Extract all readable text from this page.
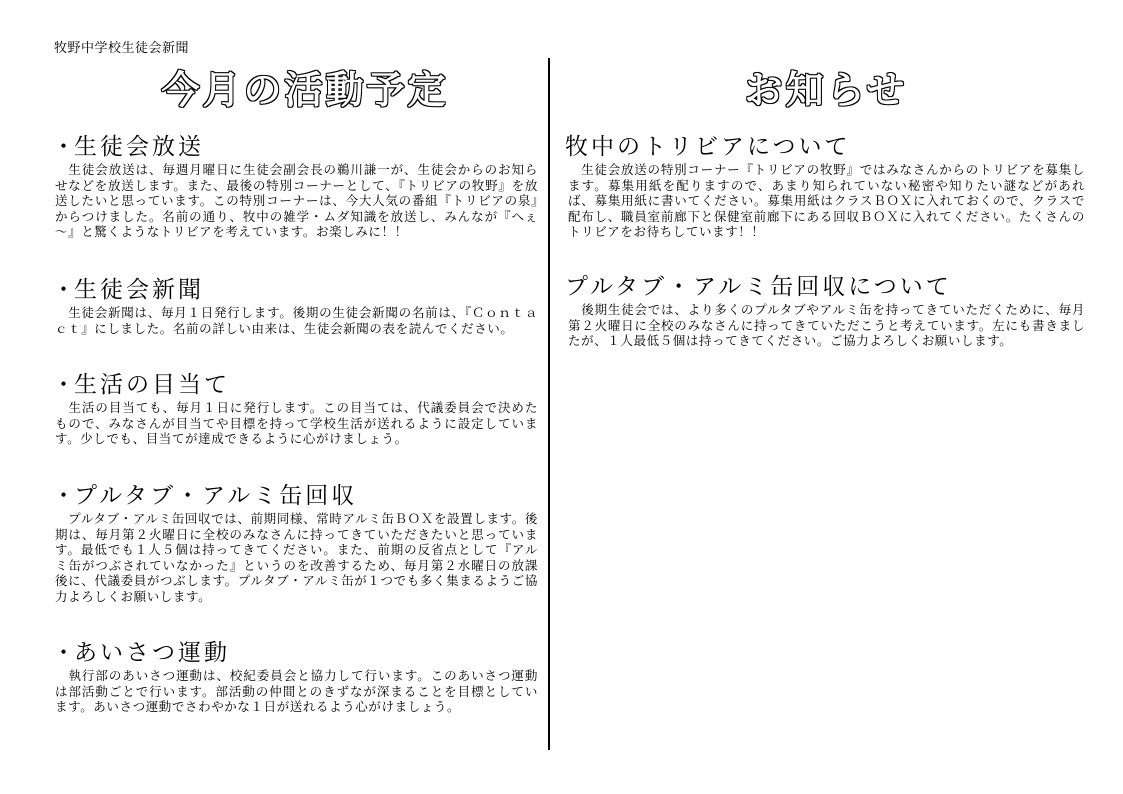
牧野中学校生徒会新聞
今月の活動予定
・生徒会放送
　生徒会放送は、毎週月曜日に生徒会副会長の鵜川謙一が、生徒会からのお知らせなどを放送します。また、最後の特別コーナーとして、『トリビアの牧野』を放送したいと思っています。この特別コーナーは、今大人気の番組『トリビアの泉』からつけました。名前の通り、牧中の雑学・ムダ知識を放送し、みんなが『へぇ～』と驚くようなトリビアを考えています。お楽しみに！！
・生徒会新聞
　生徒会新聞は、毎月１日発行します。後期の生徒会新聞の名前は、『Ｃｏｎｔａｃｔ』にしました。名前の詳しい由来は、生徒会新聞の表を読んでください。
・生活の目当て
　生活の目当ても、毎月１日に発行します。この目当ては、代議委員会で決めたもので、みなさんが目当てや目標を持って学校生活が送れるように設定しています。少しでも、目当てが達成できるように心がけましょう。
・プルタブ・アルミ缶回収
　プルタブ・アルミ缶回収では、前期同様、常時アルミ缶ＢＯＸを設置します。後期は、毎月第２火曜日に全校のみなさんに持ってきていただきたいと思っています。最低でも１人５個は持ってきてください。また、前期の反省点として『アルミ缶がつぶされていなかった』というのを改善するため、毎月第２水曜日の放課後に、代議委員がつぶします。プルタブ・アルミ缶が１つでも多く集まるようご協力よろしくお願いします。
・あいさつ運動
　執行部のあいさつ運動は、校紀委員会と協力して行います。このあいさつ運動は部活動ごとで行います。部活動の仲間とのきずなが深まることを目標としています。あいさつ運動でさわやかな１日が送れるよう心がけましょう。
お知らせ
牧中のトリビアについて
　生徒会放送の特別コーナー『トリビアの牧野』ではみなさんからのトリビアを募集します。募集用紙を配りますので、あまり知られていない秘密や知りたい謎などがあれば、募集用紙に書いてください。募集用紙はクラスＢＯＸに入れておくので、クラスで配布し、職員室前廊下と保健室前廊下にある回収ＢＯＸに入れてください。たくさんのトリビアをお待ちしています！！
プルタブ・アルミ缶回収について
　後期生徒会では、より多くのプルタブやアルミ缶を持ってきていただくために、毎月第２火曜日に全校のみなさんに持ってきていただこうと考えています。左にも書きましたが、１人最低５個は持ってきてください。ご協力よろしくお願いします。
